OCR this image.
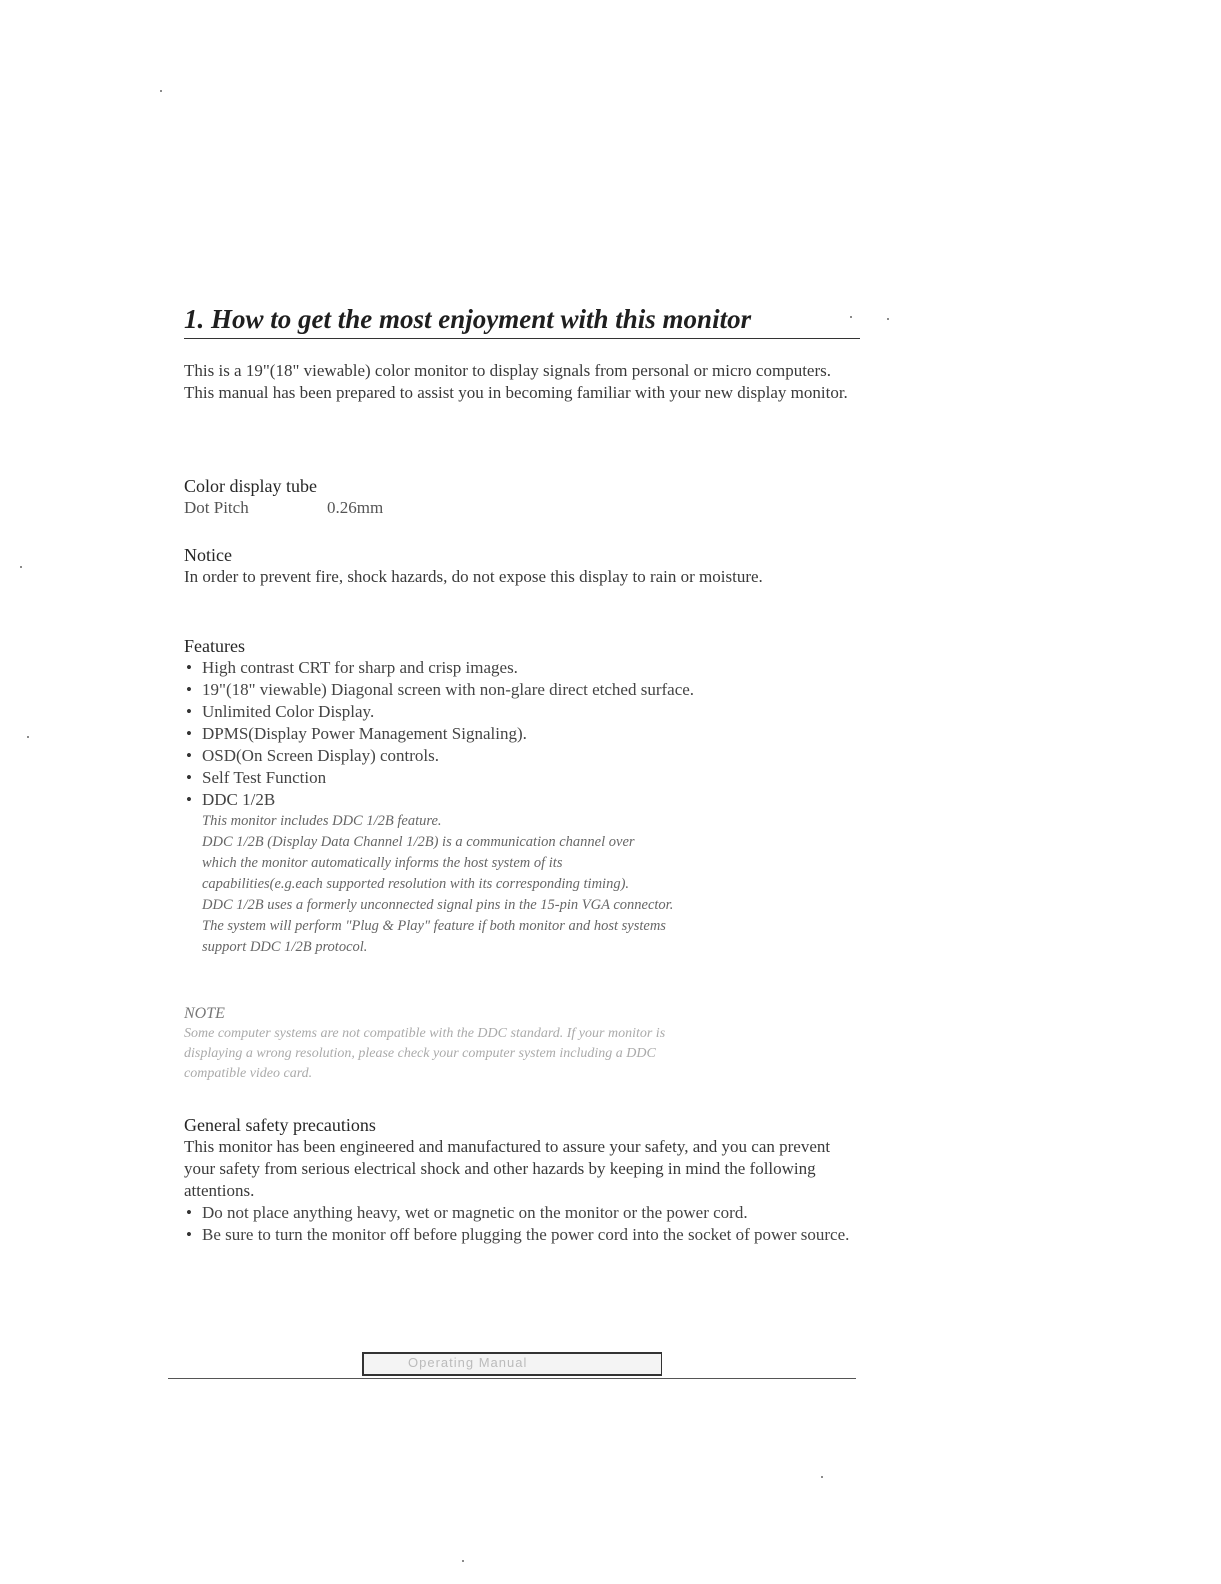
1. How to get the most enjoyment with this monitor

This is a 19"(18" viewable) color monitor to display signals from personal or micro computers.

This manual has been prepared to assist you in becoming familiar with your new display monitor.

Color display tube

Dot Pitch	0.26mm

Notice

In order to prevent fire, shock hazards, do not expose this display to rain or moisture.

Features

• High contrast CRT for sharp and crisp images.
• 19"(18" viewable) Diagonal screen with non-glare direct etched surface.
• Unlimited Color Display.
• DPMS(Display Power Management Signaling).
• OSD(On Screen Display) controls.
• Self Test Function
• DDC 1/2B

This monitor includes DDC 1/2B feature.

DDC 1/2B (Display Data Channel 1/2B) is a communication channel over

which the monitor automatically informs the host system of its

capabilities(e.g.each supported resolution with its corresponding timing).

DDC 1/2B uses a formerly unconnected signal pins in the 15-pin VGA connector.

The system will perform "Plug & Play" feature if both monitor and host systems

support DDC 1/2B protocol.

NOTE

Some computer systems are not compatible with the DDC standard. If your monitor is

displaying a wrong resolution, please check your computer system including a DDC

compatible video card.

General safety precautions

This monitor has been engineered and manufactured to assure your safety, and you can prevent your safety from serious electrical shock and other hazards by keeping in mind the following attentions.

• Do not place anything heavy, wet or magnetic on the monitor or the power cord.
• Be sure to turn the monitor off before plugging the power cord into the socket of power source.
Operating Manual
